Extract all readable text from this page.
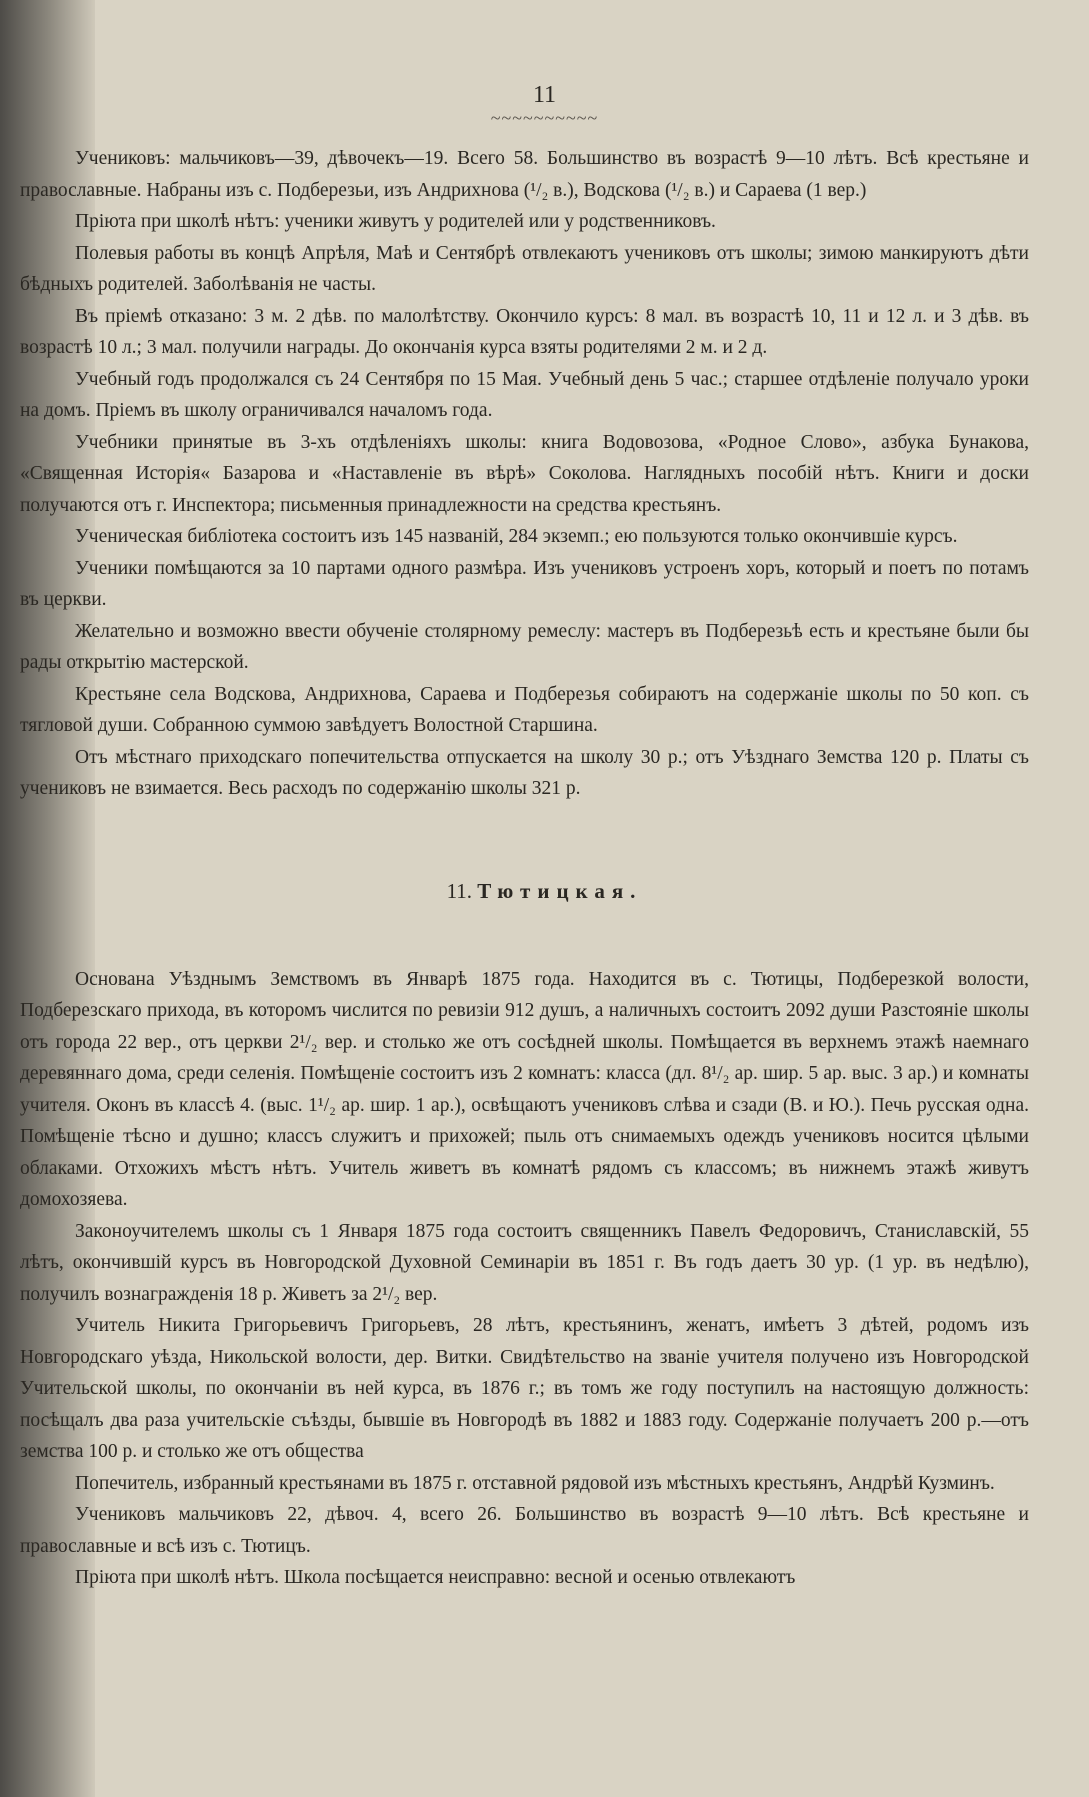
11
~~~~~~~~~~

Учениковъ: мальчиковъ—39, дѣвочекъ—19. Всего 58. Большинство въ возрастѣ 9—10 лѣтъ. Всѣ крестьяне и православные. Набраны изъ с. Подберезьи, изъ Андрихнова (¹/₂ в.), Водскова (¹/₂ в.) и Сараева (1 вер.)

Пріюта при школѣ нѣтъ: ученики живутъ у родителей или у родственниковъ.

Полевыя работы въ концѣ Апрѣля, Маѣ и Сентябрѣ отвлекаютъ учениковъ отъ школы; зимою манкируютъ дѣти бѣдныхъ родителей. Заболѣванія не часты.

Въ пріемѣ отказано: 3 м. 2 дѣв. по малолѣтству. Окончило курсъ: 8 мал. въ возрастѣ 10, 11 и 12 л. и 3 дѣв. въ возрастѣ 10 л.; 3 мал. получили награды. До окончанія курса взяты родителями 2 м. и 2 д.

Учебный годъ продолжался съ 24 Сентября по 15 Мая. Учебный день 5 час.; старшее отдѣленіе получало уроки на домъ. Пріемъ въ школу ограничивался началомъ года.

Учебники принятые въ 3-хъ отдѣленіяхъ школы: книга Водовозова, «Родное Слово», азбука Бунакова, «Священная Исторія« Базарова и «Наставленіе въ вѣрѣ» Соколова. Наглядныхъ пособій нѣтъ. Книги и доски получаются отъ г. Инспектора; письменныя принадлежности на средства крестьянъ.

Ученическая библіотека состоитъ изъ 145 названій, 284 экземп.; ею пользуются только окончившіе курсъ.

Ученики помѣщаются за 10 партами одного размѣра. Изъ учениковъ устроенъ хоръ, который и поетъ по потамъ въ церкви.

Желательно и возможно ввести обученіе столярному ремеслу: мастеръ въ Подберезьѣ есть и крестьяне были бы рады открытію мастерской.

Крестьяне села Водскова, Андрихнова, Сараева и Подберезья собираютъ на содержаніе школы по 50 коп. съ тягловой души. Собранною суммою завѣдуетъ Волостной Старшина.

Отъ мѣстнаго приходскаго попечительства отпускается на школу 30 р.; отъ Уѣзднаго Земства 120 р. Платы съ учениковъ не взимается. Весь расходъ по содержанію школы 321 р.

11. Тютицкая.

Основана Уѣзднымъ Земствомъ въ Январѣ 1875 года. Находится въ с. Тютицы, Подберезкой волости, Подберезскаго прихода, въ которомъ числится по ревизіи 912 душъ, а наличныхъ состоитъ 2092 души Разстояніе школы отъ города 22 вер., отъ церкви 2¹/₂ вер. и столько же отъ сосѣдней школы. Помѣщается въ верхнемъ этажѣ наемнаго деревяннаго дома, среди селенія. Помѣщеніе состоитъ изъ 2 комнатъ: класса (дл. 8¹/₂ ар. шир. 5 ар. выс. 3 ар.) и комнаты учителя. Оконъ въ классѣ 4. (выс. 1¹/₂ ар. шир. 1 ар.), освѣщаютъ учениковъ слѣва и сзади (В. и Ю.). Печь русская одна. Помѣщеніе тѣсно и душно; классъ служитъ и прихожей; пыль отъ снимаемыхъ одеждъ учениковъ носится цѣлыми облаками. Отхожихъ мѣстъ нѣтъ. Учитель живетъ въ комнатѣ рядомъ съ классомъ; въ нижнемъ этажѣ живутъ домохозяева.

Законоучителемъ школы съ 1 Января 1875 года состоитъ священникъ Павелъ Федоровичъ, Станиславскій, 55 лѣтъ, окончившій курсъ въ Новгородской Духовной Семинаріи въ 1851 г. Въ годъ даетъ 30 ур. (1 ур. въ недѣлю), получилъ вознагражденія 18 р. Живетъ за 2¹/₂ вер.

Учитель Никита Григорьевичъ Григорьевъ, 28 лѣтъ, крестьянинъ, женатъ, имѣетъ 3 дѣтей, родомъ изъ Новгородскаго уѣзда, Никольской волости, дер. Витки. Свидѣтельство на званіе учителя получено изъ Новгородской Учительской школы, по окончаніи въ ней курса, въ 1876 г.; въ томъ же году поступилъ на настоящую должность: посѣщалъ два раза учительскіе съѣзды, бывшіе въ Новгородѣ въ 1882 и 1883 году. Содержаніе получаетъ 200 р.—отъ земства 100 р. и столько же отъ общества

Попечитель, избранный крестьянами въ 1875 г. отставной рядовой изъ мѣстныхъ крестьянъ, Андрѣй Кузминъ.

Учениковъ мальчиковъ 22, дѣвоч. 4, всего 26. Большинство въ возрастѣ 9—10 лѣтъ. Всѣ крестьяне и православные и всѣ изъ с. Тютицъ.

Пріюта при школѣ нѣтъ. Школа посѣщается неисправно: весной и осенью отвлекаютъ
